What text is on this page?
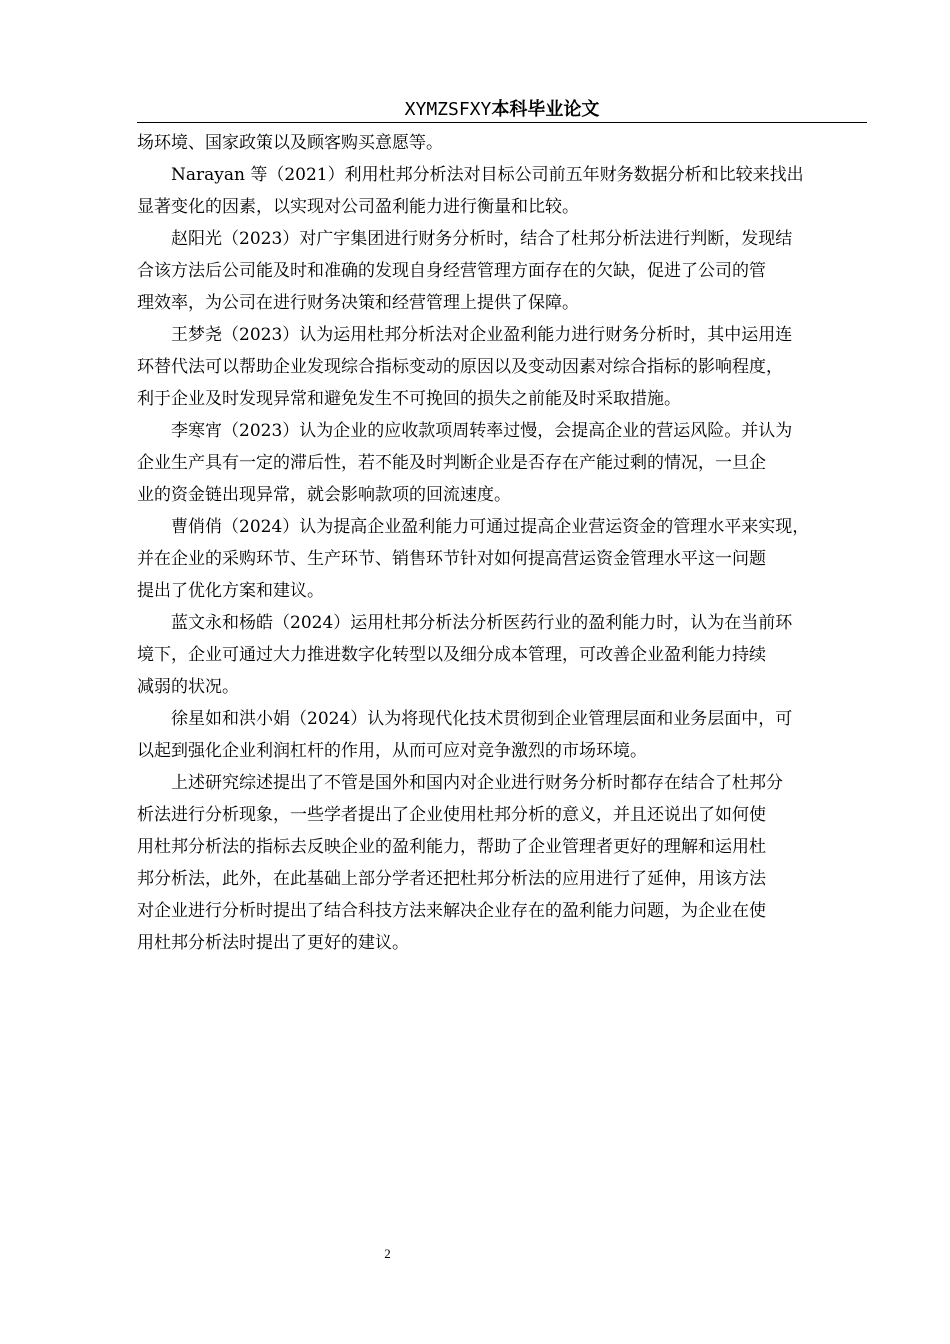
XYMZSFXY本科毕业论文

场环境、国家政策以及顾客购买意愿等。

Narayan 等（2021）利用杜邦分析法对目标公司前五年财务数据分析和比较来找出
显著变化的因素，以实现对公司盈利能力进行衡量和比较。

赵阳光（2023）对广宇集团进行财务分析时，结合了杜邦分析法进行判断，发现结
合该方法后公司能及时和准确的发现自身经营管理方面存在的欠缺，促进了公司的管
理效率，为公司在进行财务决策和经营管理上提供了保障。

王梦尧（2023）认为运用杜邦分析法对企业盈利能力进行财务分析时，其中运用连
环替代法可以帮助企业发现综合指标变动的原因以及变动因素对综合指标的影响程度，
利于企业及时发现异常和避免发生不可挽回的损失之前能及时采取措施。

李寒宵（2023）认为企业的应收款项周转率过慢，会提高企业的营运风险。并认为
企业生产具有一定的滞后性，若不能及时判断企业是否存在产能过剩的情况，一旦企
业的资金链出现异常，就会影响款项的回流速度。

曹俏俏（2024）认为提高企业盈利能力可通过提高企业营运资金的管理水平来实现，
并在企业的采购环节、生产环节、销售环节针对如何提高营运资金管理水平这一问题
提出了优化方案和建议。

蓝文永和杨皓（2024）运用杜邦分析法分析医药行业的盈利能力时，认为在当前环
境下，企业可通过大力推进数字化转型以及细分成本管理，可改善企业盈利能力持续
减弱的状况。

徐星如和洪小娟（2024）认为将现代化技术贯彻到企业管理层面和业务层面中，可
以起到强化企业利润杠杆的作用，从而可应对竞争激烈的市场环境。

上述研究综述提出了不管是国外和国内对企业进行财务分析时都存在结合了杜邦分
析法进行分析现象，一些学者提出了企业使用杜邦分析的意义，并且还说出了如何使
用杜邦分析法的指标去反映企业的盈利能力，帮助了企业管理者更好的理解和运用杜
邦分析法，此外，在此基础上部分学者还把杜邦分析法的应用进行了延伸，用该方法
对企业进行分析时提出了结合科技方法来解决企业存在的盈利能力问题，为企业在使
用杜邦分析法时提出了更好的建议。

2
